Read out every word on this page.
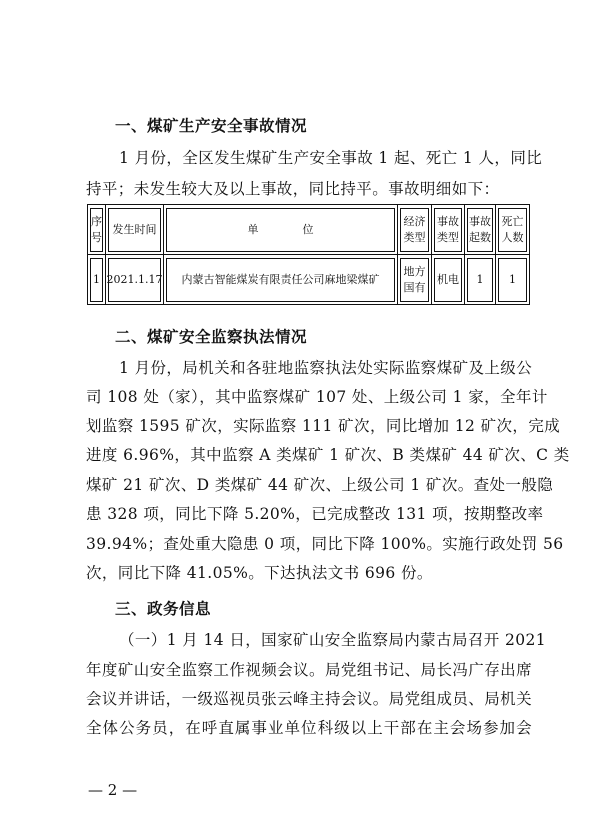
一、煤矿生产安全事故情况
1 月份，全区发生煤矿生产安全事故 1 起、死亡 1 人，同比
持平；未发生较大及以上事故，同比持平。事故明细如下：
序号	发生时间	单　　　　位	经济类型	事故类型	事故起数	死亡人数

1	2021.1.17	内蒙古智能煤炭有限责任公司麻地梁煤矿	地方国有	机电	1	1
二、煤矿安全监察执法情况
1 月份，局机关和各驻地监察执法处实际监察煤矿及上级公
司 108 处（家），其中监察煤矿 107 处、上级公司 1 家，全年计
划监察 1595 矿次，实际监察 111 矿次，同比增加 12 矿次，完成
进度 6.96%，其中监察 A 类煤矿 1 矿次、B 类煤矿 44 矿次、C 类
煤矿 21 矿次、D 类煤矿 44 矿次、上级公司 1 矿次。查处一般隐
患 328 项，同比下降 5.20%，已完成整改 131 项，按期整改率
39.94%；查处重大隐患 0 项，同比下降 100%。实施行政处罚 56
次，同比下降 41.05%。下达执法文书 696 份。
三、政务信息
（一）1 月 14 日，国家矿山安全监察局内蒙古局召开 2021
年度矿山安全监察工作视频会议。局党组书记、局长冯广存出席
会议并讲话，一级巡视员张云峰主持会议。局党组成员、局机关
全体公务员，在呼直属事业单位科级以上干部在主会场参加会
— 2 —
